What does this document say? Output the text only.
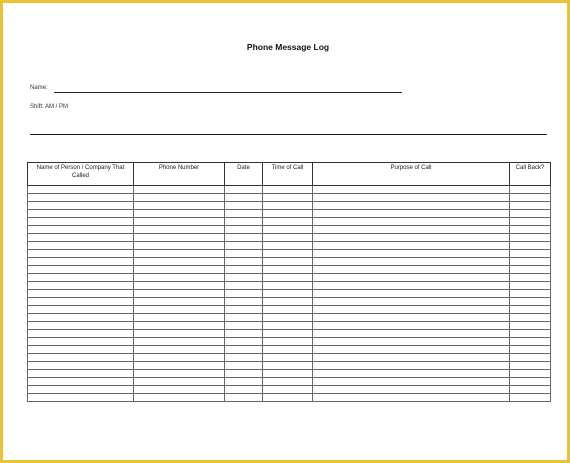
Phone Message Log
Name:
Shift: AM / PM
Name of Person / Company That Called	Phone Number	Date	Time of Call	Purpose of Call	Call Back?
